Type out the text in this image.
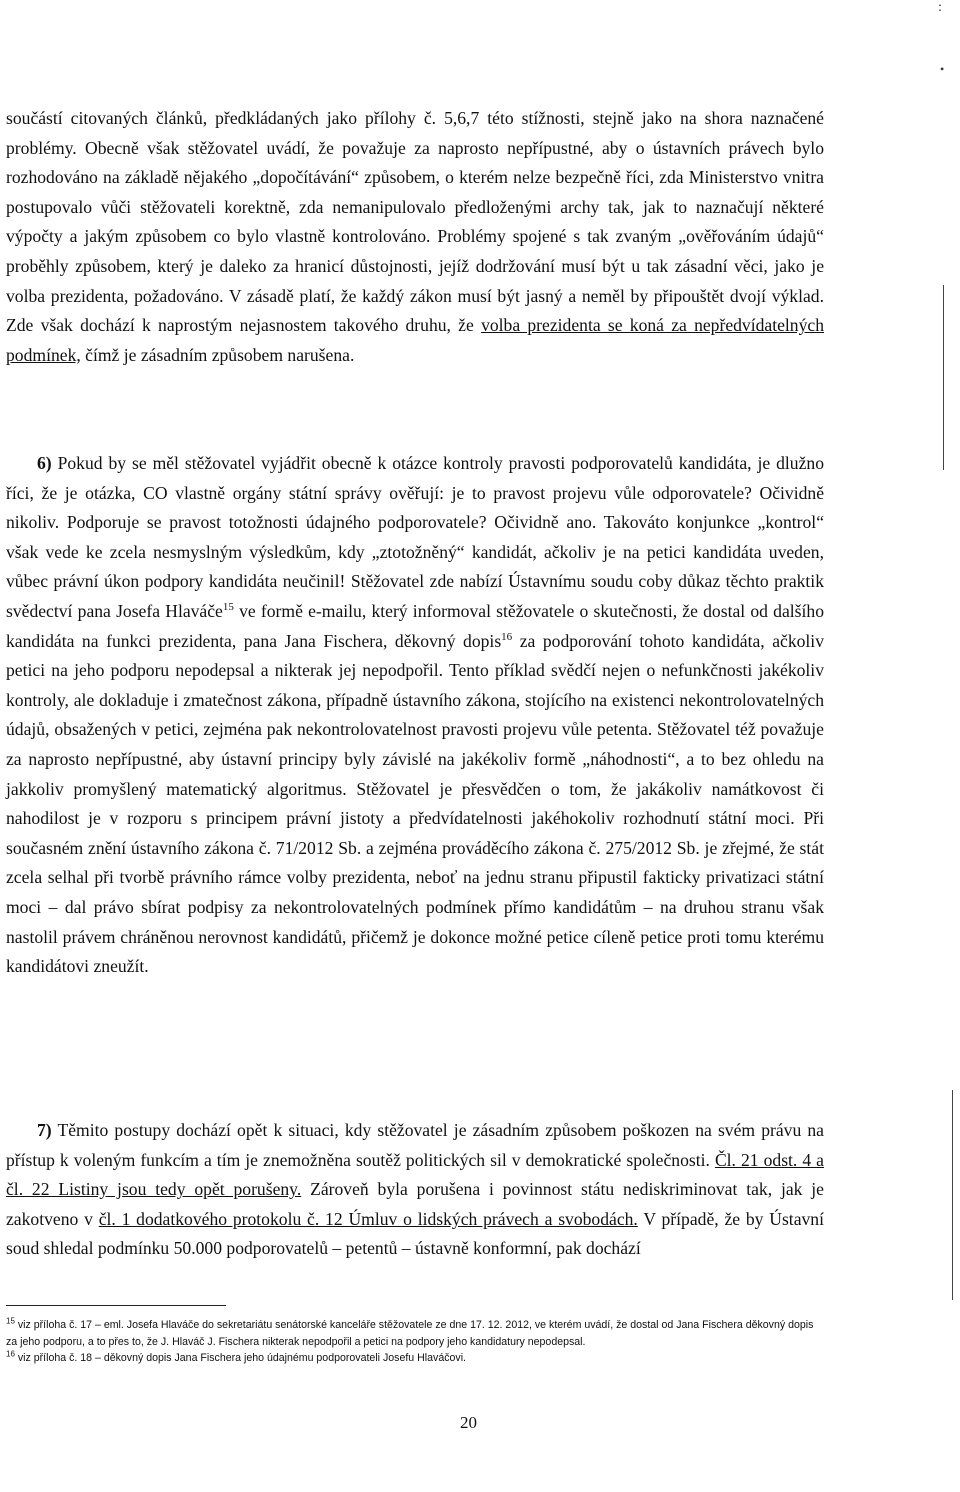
:
•

součástí citovaných článků, předkládaných jako přílohy č. 5,6,7 této stížnosti, stejně jako na shora naznačené problémy. Obecně však stěžovatel uvádí, že považuje za naprosto nepřípustné, aby o ústavních právech bylo rozhodováno na základě nějakého „dopočítávání“ způsobem, o kterém nelze bezpečně říci, zda Ministerstvo vnitra postupovalo vůči stěžovateli korektně, zda nemanipulovalo předloženými archy tak, jak to naznačují některé výpočty a jakým způsobem co bylo vlastně kontrolováno. Problémy spojené s tak zvaným „ověřováním údajů“ proběhly způsobem, který je daleko za hranicí důstojnosti, jejíž dodržování musí být u tak zásadní věci, jako je volba prezidenta, požadováno. V zásadě platí, že každý zákon musí být jasný a neměl by připouštět dvojí výklad. Zde však dochází k naprostým nejasnostem takového druhu, že volba prezidenta se koná za nepředvídatelných podmínek, čímž je zásadním způsobem narušena.

6) Pokud by se měl stěžovatel vyjádřit obecně k otázce kontroly pravosti podporovatelů kandidáta, je dlužno říci, že je otázka, CO vlastně orgány státní správy ověřují: je to pravost projevu vůle odporovatele? Očividně nikoliv. Podporuje se pravost totožnosti údajného podporovatele? Očividně ano. Takováto konjunkce „kontrol“ však vede ke zcela nesmyslným výsledkům, kdy „ztotožněný“ kandidát, ačkoliv je na petici kandidáta uveden, vůbec právní úkon podpory kandidáta neučinil! Stěžovatel zde nabízí Ústavnímu soudu coby důkaz těchto praktik svědectví pana Josefa Hlaváče$^{15}$ ve formě e-mailu, který informoval stěžovatele o skutečnosti, že dostal od dalšího kandidáta na funkci prezidenta, pana Jana Fischera, děkovný dopis$^{16}$ za podporování tohoto kandidáta, ačkoliv petici na jeho podporu nepodepsal a nikterak jej nepodpořil. Tento příklad svědčí nejen o nefunkčnosti jakékoliv kontroly, ale dokladuje i zmatečnost zákona, případně ústavního zákona, stojícího na existenci nekontrolovatelných údajů, obsažených v petici, zejména pak nekontrolovatelnost pravosti projevu vůle petenta. Stěžovatel též považuje za naprosto nepřípustné, aby ústavní principy byly závislé na jakékoliv formě „náhodnosti“, a to bez ohledu na jakkoliv promyšlený matematický algoritmus. Stěžovatel je přesvědčen o tom, že jakákoliv namátkovost či nahodilost je v rozporu s principem právní jistoty a předvídatelnosti jakéhokoliv rozhodnutí státní moci. Při současném znění ústavního zákona č. 71/2012 Sb. a zejména prováděcího zákona č. 275/2012 Sb. je zřejmé, že stát zcela selhal při tvorbě právního rámce volby prezidenta, neboť na jednu stranu připustil fakticky privatizaci státní moci – dal právo sbírat podpisy za nekontrolovatelných podmínek přímo kandidátům – na druhou stranu však nastolil právem chráněnou nerovnost kandidátů, přičemž je dokonce možné petice cíleně petice proti tomu kterému kandidátovi zneužít.

7) Těmito postupy dochází opět k situaci, kdy stěžovatel je zásadním způsobem poškozen na svém právu na přístup k voleným funkcím a tím je znemožněna soutěž politických sil v demokratické společnosti. Čl. 21 odst. 4 a čl. 22 Listiny jsou tedy opět porušeny. Zároveň byla porušena i povinnost státu nediskriminovat tak, jak je zakotveno v čl. 1 dodatkového protokolu č. 12 Úmluv o lidských právech a svobodách. V případě, že by Ústavní soud shledal podmínku 50.000 podporovatelů – petentů – ústavně konformní, pak dochází

$^{15}$ viz příloha č. 17 – eml. Josefa Hlaváče do sekretariátu senátorské kanceláře stěžovatele ze dne 17. 12. 2012, ve kterém uvádí, že dostal od Jana Fischera děkovný dopis za jeho podporu, a to přes to, že J. Hlaváč J. Fischera nikterak nepodpořil a petici na podpory jeho kandidatury nepodepsal.

$^{16}$ viz příloha č. 18 – děkovný dopis Jana Fischera jeho údajnému podporovateli Josefu Hlaváčovi.

20
